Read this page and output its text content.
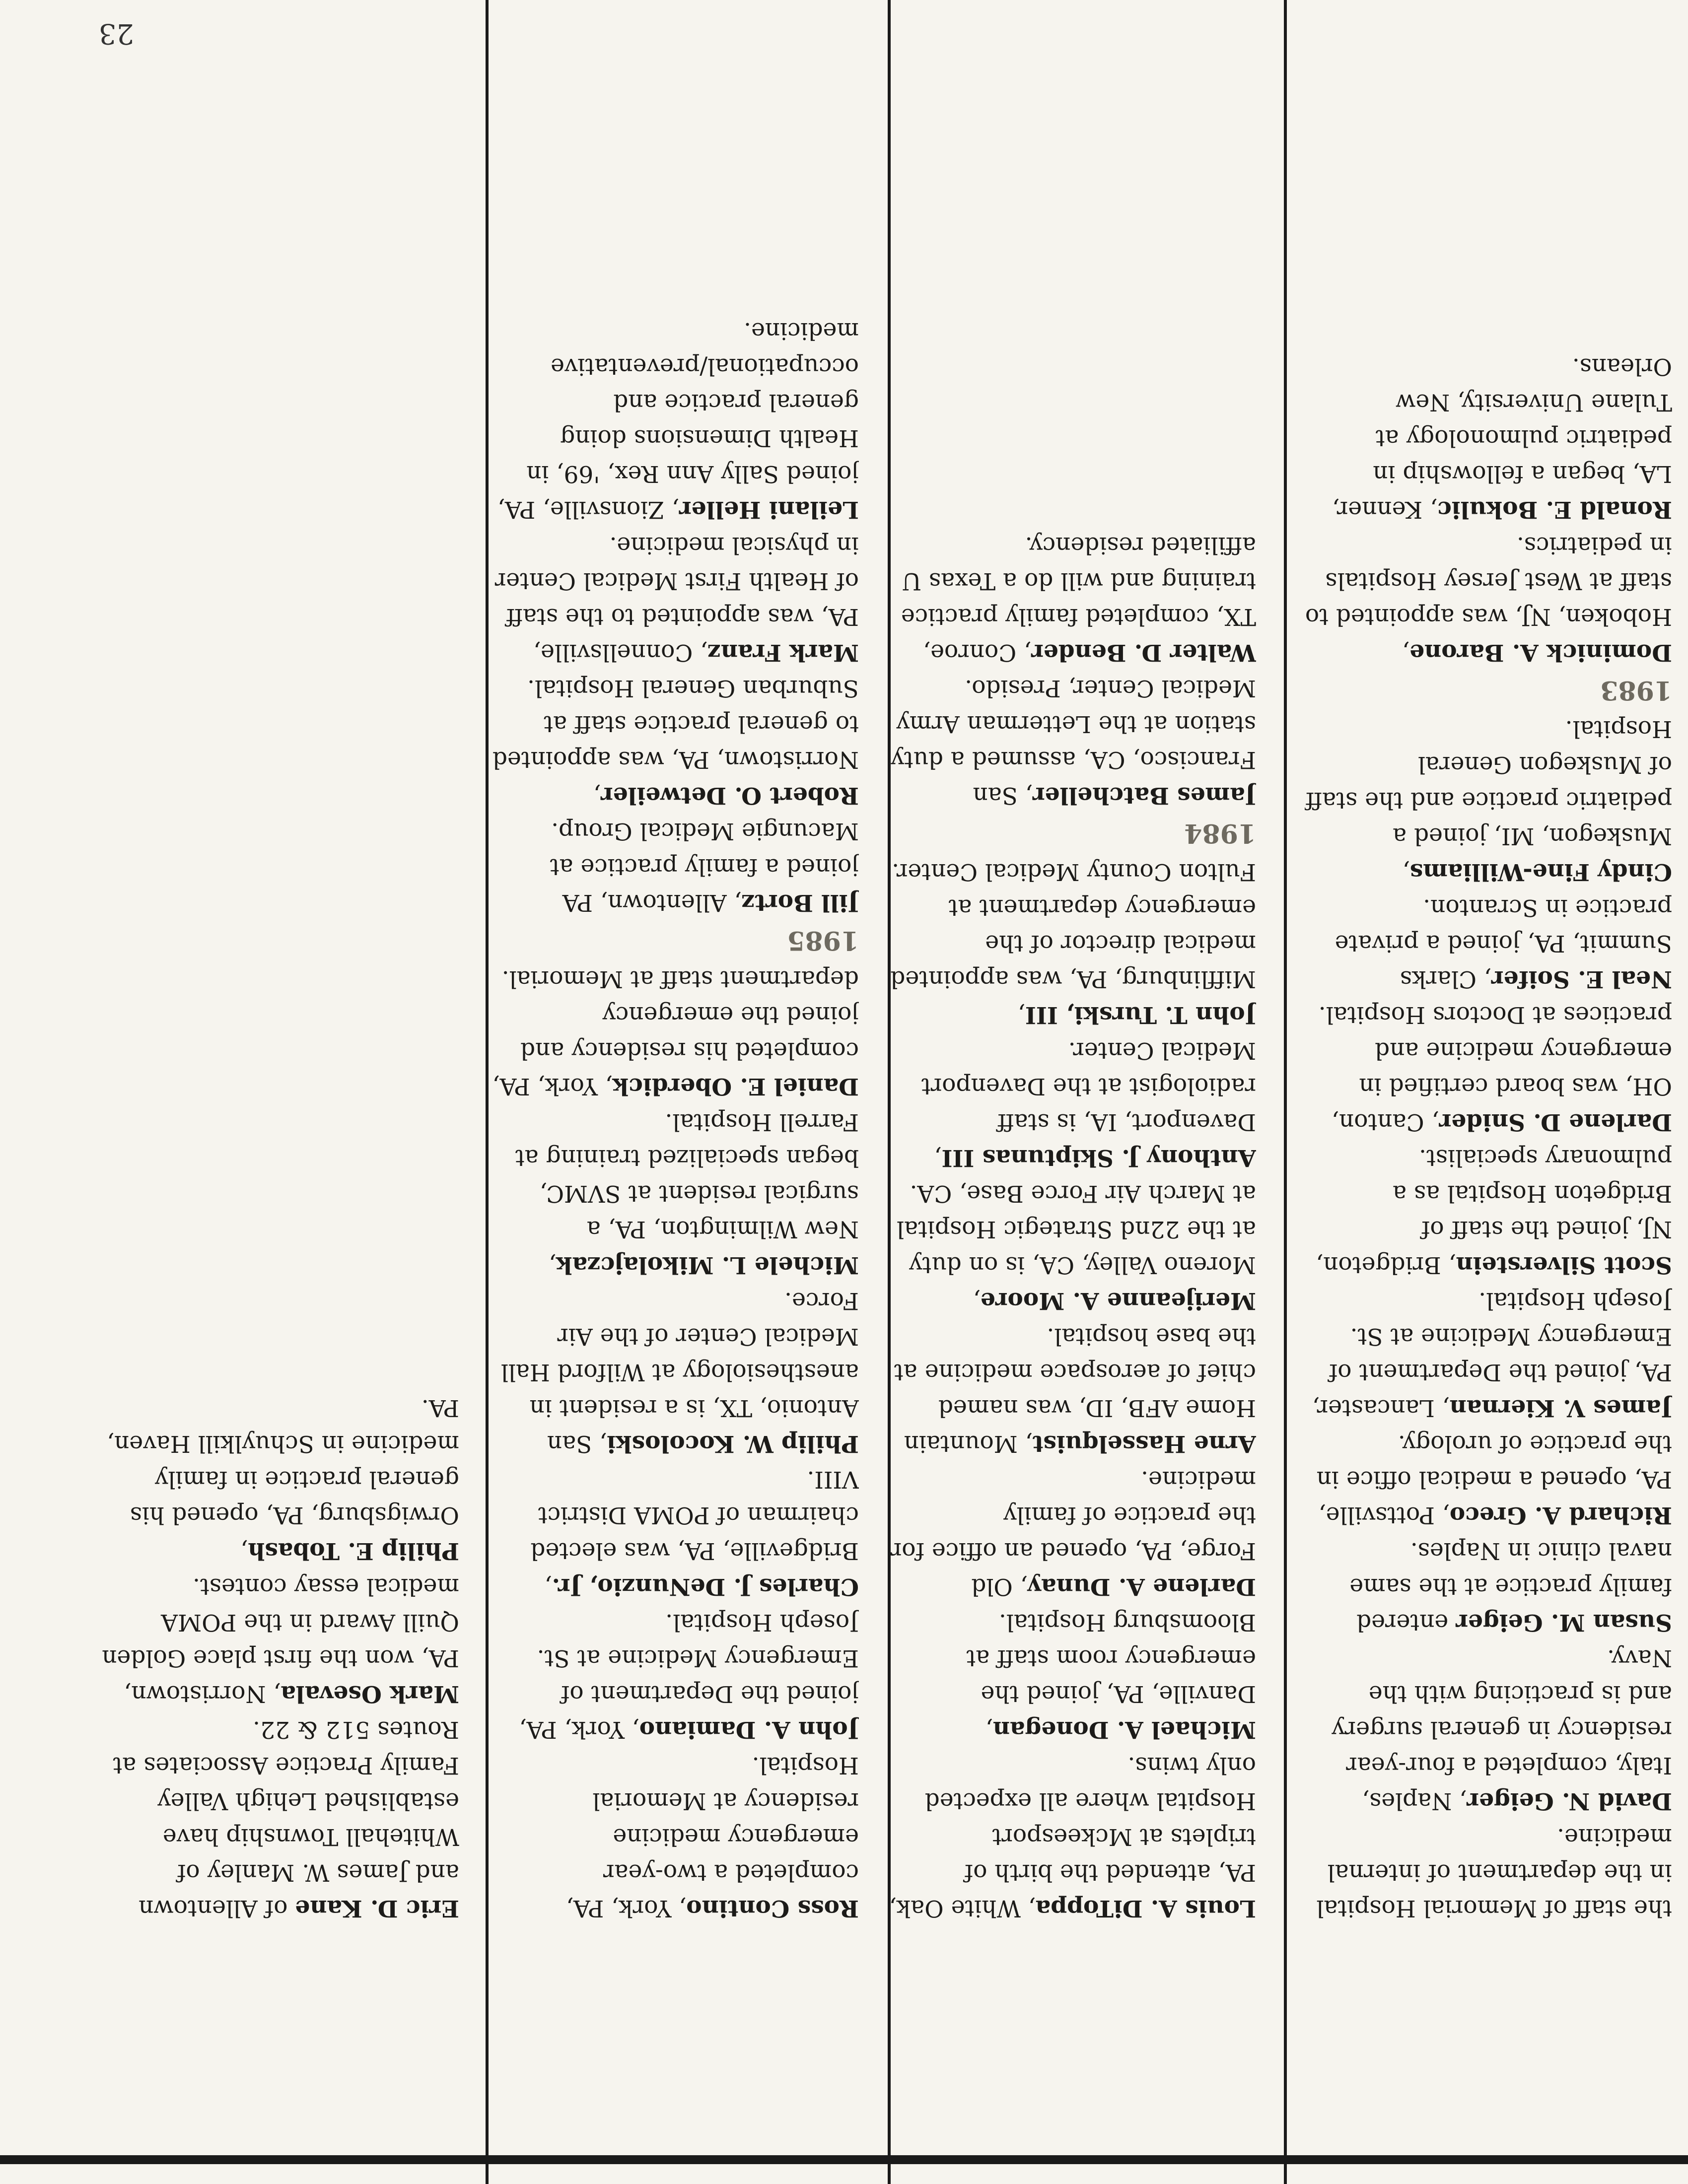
the staff of Memorial Hospital in the department of internal medicine.
David N. Geiger, Naples, Italy, completed a four-year residency in general surgery and is practicing with the Navy.
Susan M. Geiger entered family practice at the same naval clinic in Naples.
Richard A. Greco, Pottsville, PA, opened a medical office in the practice of urology.
James V. Kiernan, Lancaster, PA, joined the Department of Emergency Medicine at St. Joseph Hospital.
Scott Silverstein, Bridgeton, NJ, joined the staff of Bridgeton Hospital as a pulmonary specialist.
Darlene D. Snider, Canton, OH, was board certified in emergency medicine and practices at Doctors Hospital.
Neal E. Soifer, Clarks Summit, PA, joined a private practice in Scranton.
Cindy Fine-Williams, Muskegon, MI, joined a pediatric practice and the staff of Muskegon General Hospital.
1983
Dominick A. Barone, Hoboken, NJ, was appointed to staff at West Jersey Hospitals in pediatrics.
Ronald E. Bokulic, Kenner, LA, began a fellowship in pediatric pulmonology at Tulane University, New Orleans.
Louis A. DiToppa, White Oak, PA, attended the birth of triplets at Mckeesport Hospital where all expected only twins.
Michael A. Donegan, Danville, PA, joined the emergency room staff at Bloomsburg Hospital.
Darlene A. Dunay, Old Forge, PA, opened an office for the practice of family medicine.
Arne Hasselquist, Mountain Home AFB, ID, was named chief of aerospace medicine at the base hospital.
Merijeanne A. Moore, Moreno Valley, CA, is on duty at the 22nd Strategic Hospital at March Air Force Base, CA.
Anthony J. Skiptunas III, Davenport, IA, is staff radiologist at the Davenport Medical Center.
John T. Turski, III, Mifflinburg, PA, was appointed medical director of the emergency department at Fulton County Medical Center.
1984
James Batcheller, San Francisco, CA, assumed a duty station at the Letterman Army Medical Center, Presido.
Walter D. Bender, Conroe, TX, completed family practice training and will do a Texas U affiliated residency.
Ross Contino, York, PA, completed a two-year emergency medicine residency at Memorial Hospital.
John A. Damiano, York, PA, joined the Department of Emergency Medicine at St. Joseph Hospital.
Charles J. DeNunzio, Jr., Bridgeville, PA, was elected chairman of POMA District VIII.
Philip W. Kocoloski, San Antonio, TX, is a resident in anesthesiology at Wilford Hall Medical Center of the Air Force.
Michele L. Mikolajczak, New Wilmington, PA, a surgical resident at SVMC, began specialized training at Farrell Hospital.
Daniel E. Oberdick, York, PA, completed his residency and joined the emergency department staff at Memorial.
1985
Jill Bortz, Allentown, PA joined a family practice at Macungie Medical Group.
Robert O. Detweiler, Norristown, PA, was appointed to general practice staff at Suburban General Hospital.
Mark Franz, Connellsville, PA, was appointed to the staff of Health First Medical Center in physical medicine.
Leilani Heller, Zionsville, PA, joined Sally Ann Rex, '69, in Health Dimensions doing general practice and occupational/preventative medicine.
Eric D. Kane of Allentown and James W. Manley of Whitehall Township have established Lehigh Valley Family Practice Associates at Routes 512 & 22.
Mark Osevala, Norristown, PA, won the first place Golden Quill Award in the POMA medical essay contest.
Philip E. Tobash, Orwigsburg, PA, opened his general practice in family medicine in Schuylkill Haven, PA.
23
